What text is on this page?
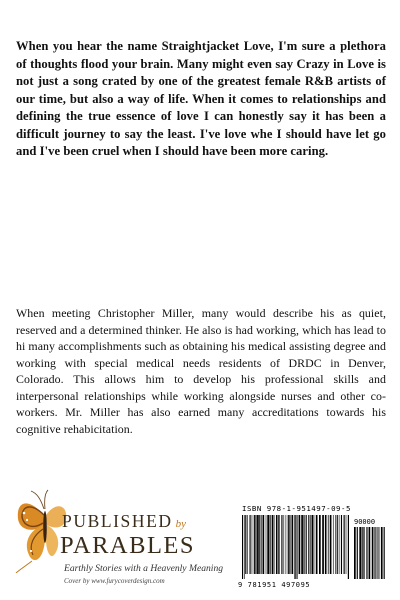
When you hear the name Straightjacket Love, I'm sure a plethora of thoughts flood your brain. Many might even say Crazy in Love is not just a song crated by one of the greatest female R&B artists of our time, but also a way of life. When it comes to relationships and defining the true essence of love I can honestly say it has been a difficult journey to say the least. I've love whe I should have let go and I've been cruel when I should have been more caring.

When meeting Christopher Miller, many would describe his as quiet, reserved and a determined thinker. He also is had working, which has lead to hi many accomplishments such as obtaining his medical assisting degree and working with special medical needs residents of DRDC in Denver, Colorado. This allows him to develop his professional skills and interpersonal relationships while working alongside nurses and other co-workers. Mr. Miller has also earned many accreditations towards his cognitive rehabicitation.

PUBLISHED by
PARABLES
Earthly Stories with a Heavenly Meaning
Cover by www.furycoverdesign.com
ISBN 978-1-951497-09-5
90000
9 781951 497095
